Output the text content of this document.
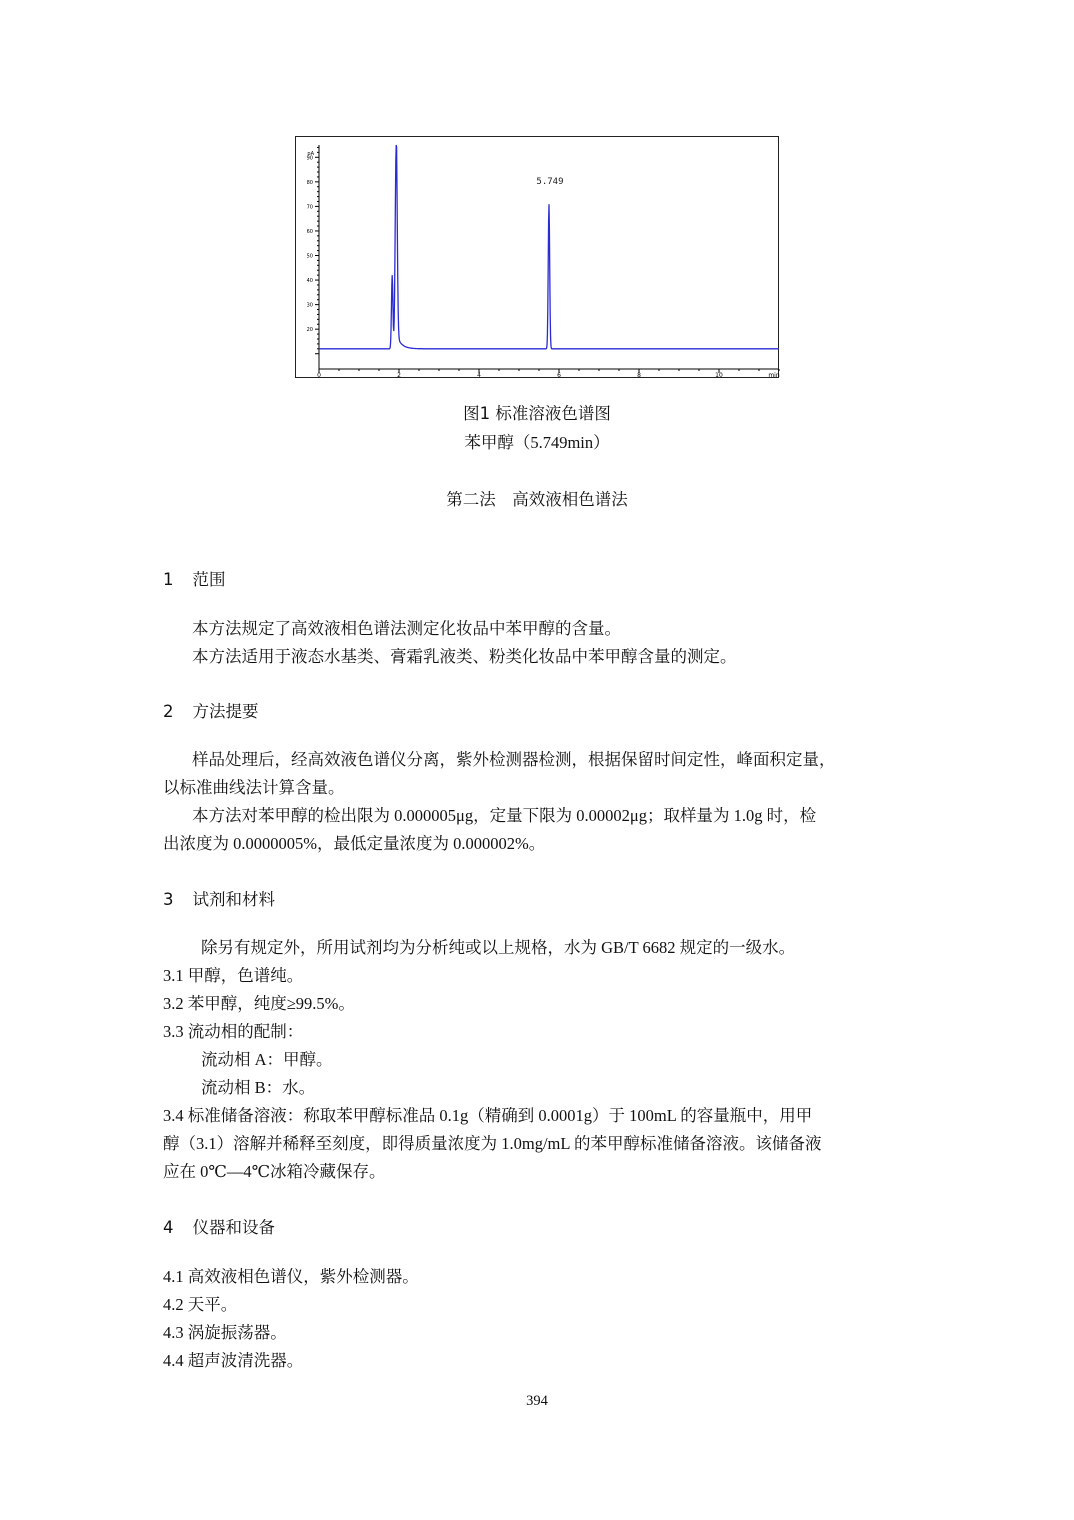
0	2	4	6	8	10	min
20
30
40
50
60
70
80
90
pA
5.749
图1 标准溶液色谱图
苯甲醇（5.749min）
第二法　高效液相色谱法
1 范围
本方法规定了高效液相色谱法测定化妆品中苯甲醇的含量。
本方法适用于液态水基类、膏霜乳液类、粉类化妆品中苯甲醇含量的测定。
2 方法提要
样品处理后，经高效液色谱仪分离，紫外检测器检测，根据保留时间定性，峰面积定量，
以标准曲线法计算含量。
本方法对苯甲醇的检出限为 0.000005μg，定量下限为 0.00002μg；取样量为 1.0g 时，检
出浓度为 0.0000005%，最低定量浓度为 0.000002%。
3 试剂和材料
除另有规定外，所用试剂均为分析纯或以上规格，水为 GB/T 6682 规定的一级水。
3.1 甲醇，色谱纯。
3.2 苯甲醇，纯度≥99.5%。
3.3 流动相的配制：
流动相 A：甲醇。
流动相 B：水。
3.4 标准储备溶液：称取苯甲醇标准品 0.1g（精确到 0.0001g）于 100mL 的容量瓶中，用甲
醇（3.1）溶解并稀释至刻度，即得质量浓度为 1.0mg/mL 的苯甲醇标准储备溶液。该储备液
应在 0℃—4℃冰箱冷藏保存。
4 仪器和设备
4.1 高效液相色谱仪，紫外检测器。
4.2 天平。
4.3 涡旋振荡器。
4.4 超声波清洗器。
394
